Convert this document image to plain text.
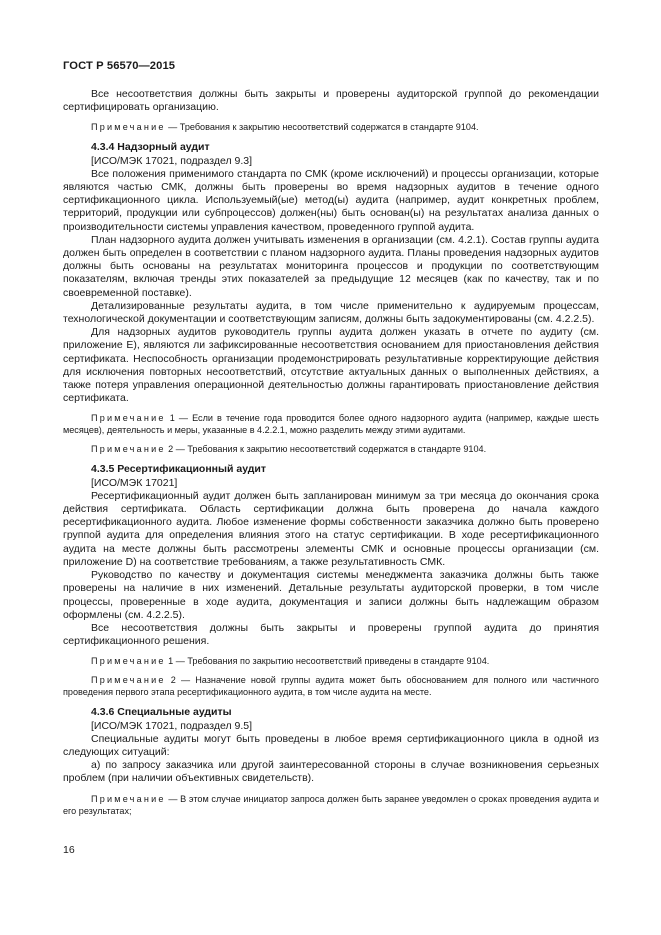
ГОСТ Р 56570—2015

Все несоответствия должны быть закрыты и проверены аудиторской группой до рекомендации сертифицировать организацию.

Примечание — Требования к закрытию несоответствий содержатся в стандарте 9104.

4.3.4 Надзорный аудит

[ИСО/МЭК 17021, подраздел 9.3]

Все положения применимого стандарта по СМК (кроме исключений) и процессы организации, которые являются частью СМК, должны быть проверены во время надзорных аудитов в течение одного сертификационного цикла. Используемый(ые) метод(ы) аудита (например, аудит конкретных проблем, территорий, продукции или субпроцессов) должен(ны) быть основан(ы) на результатах анализа данных о производительности системы управления качеством, проведенного группой аудита.

План надзорного аудита должен учитывать изменения в организации (см. 4.2.1). Состав группы аудита должен быть определен в соответствии с планом надзорного аудита. Планы проведения надзорных аудитов должны быть основаны на результатах мониторинга процессов и продукции по соответствующим показателям, включая тренды этих показателей за предыдущие 12 месяцев (как по качеству, так и по своевременной поставке).

Детализированные результаты аудита, в том числе применительно к аудируемым процессам, технологической документации и соответствующим записям, должны быть задокументированы (см. 4.2.2.5).

Для надзорных аудитов руководитель группы аудита должен указать в отчете по аудиту (см. приложение Е), являются ли зафиксированные несоответствия основанием для приостановления действия сертификата. Неспособность организации продемонстрировать результативные корректирующие действия для исключения повторных несоответствий, отсутствие актуальных данных о выполненных действиях, а также потеря управления операционной деятельностью должны гарантировать приостановление действия сертификата.

Примечание 1 — Если в течение года проводится более одного надзорного аудита (например, каждые шесть месяцев), деятельность и меры, указанные в 4.2.2.1, можно разделить между этими аудитами.

Примечание 2 — Требования к закрытию несоответствий содержатся в стандарте 9104.

4.3.5 Ресертификационный аудит

[ИСО/МЭК 17021]

Ресертификационный аудит должен быть запланирован минимум за три месяца до окончания срока действия сертификата. Область сертификации должна быть проверена до начала каждого ресертификационного аудита. Любое изменение формы собственности заказчика должно быть проверено группой аудита для определения влияния этого на статус сертификации. В ходе ресертификационного аудита на месте должны быть рассмотрены элементы СМК и основные процессы организации (см. приложение D) на соответствие требованиям, а также результативность СМК.

Руководство по качеству и документация системы менеджмента заказчика должны быть также проверены на наличие в них изменений. Детальные результаты аудиторской проверки, в том числе процессы, проверенные в ходе аудита, документация и записи должны быть надлежащим образом оформлены (см. 4.2.2.5).

Все несоответствия должны быть закрыты и проверены группой аудита до принятия сертификационного решения.

Примечание 1 — Требования по закрытию несоответствий приведены в стандарте 9104.

Примечание 2 — Назначение новой группы аудита может быть обоснованием для полного или частичного проведения первого этапа ресертификационного аудита, в том числе аудита на месте.

4.3.6 Специальные аудиты

[ИСО/МЭК 17021, подраздел 9.5]

Специальные аудиты могут быть проведены в любое время сертификационного цикла в одной из следующих ситуаций:

а) по запросу заказчика или другой заинтересованной стороны в случае возникновения серьезных проблем (при наличии объективных свидетельств).

Примечание — В этом случае инициатор запроса должен быть заранее уведомлен о сроках проведения аудита и его результатах;

16
